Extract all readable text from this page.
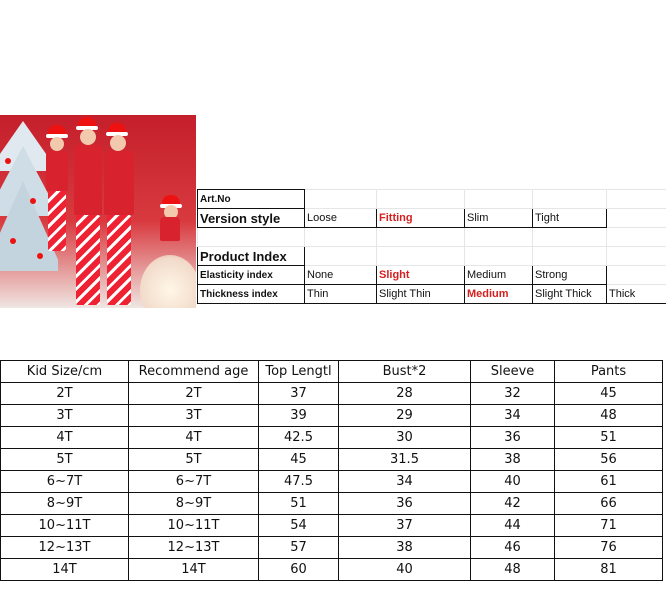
Art.No					
Version style	Loose	Fitting	Slim	Tight	

Product Index					
Elasticity index	None	Slight	Medium	Strong	
Thickness index	Thin	Slight Thin	Medium	Slight Thick	Thick
Kid Size/cm	Recommend age	Top Lengtl	Bust*2	Sleeve	Pants
2T	2T	37	28	32	45
3T	3T	39	29	34	48
4T	4T	42.5	30	36	51
5T	5T	45	31.5	38	56
6~7T	6~7T	47.5	34	40	61
8~9T	8~9T	51	36	42	66
10~11T	10~11T	54	37	44	71
12~13T	12~13T	57	38	46	76
14T	14T	60	40	48	81
